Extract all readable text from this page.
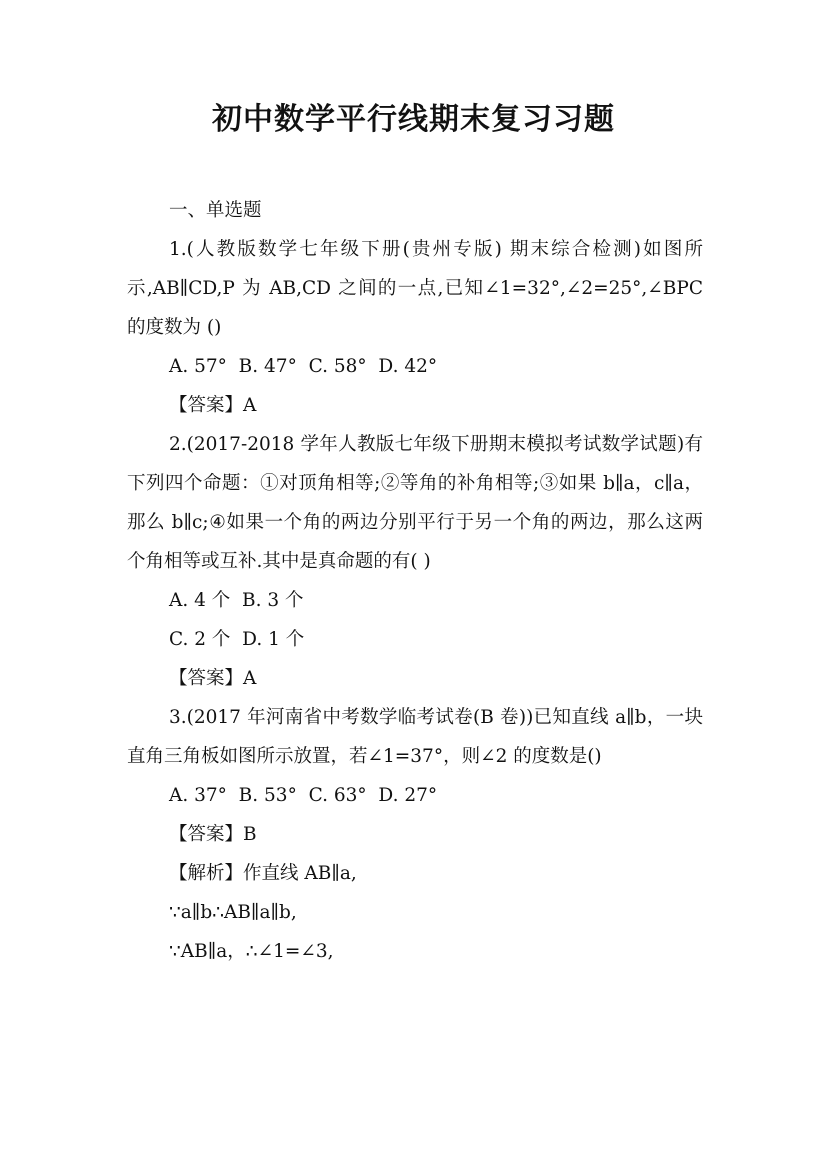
初中数学平行线期末复习习题

一、单选题

1.(人教版数学七年级下册(贵州专版) 期末综合检测)如图所示,AB∥CD,P 为 AB,CD 之间的一点,已知∠1=32°,∠2=25°,∠BPC 的度数为 ()

A. 57°  B. 47°  C. 58°  D. 42°

【答案】A

2.(2017-2018 学年人教版七年级下册期末模拟考试数学试题)有下列四个命题：①对顶角相等;②等角的补角相等;③如果 b∥a，c∥a，那么 b∥c;④如果一个角的两边分别平行于另一个角的两边，那么这两个角相等或互补.其中是真命题的有( )

A. 4 个  B. 3 个

C. 2 个  D. 1 个

【答案】A

3.(2017 年河南省中考数学临考试卷(B 卷))已知直线 a∥b，一块直角三角板如图所示放置，若∠1=37°，则∠2 的度数是()

A. 37°  B. 53°  C. 63°  D. 27°

【答案】B

【解析】作直线 AB∥a,

∵a∥b∴AB∥a∥b,

∵AB∥a，∴∠1=∠3,
